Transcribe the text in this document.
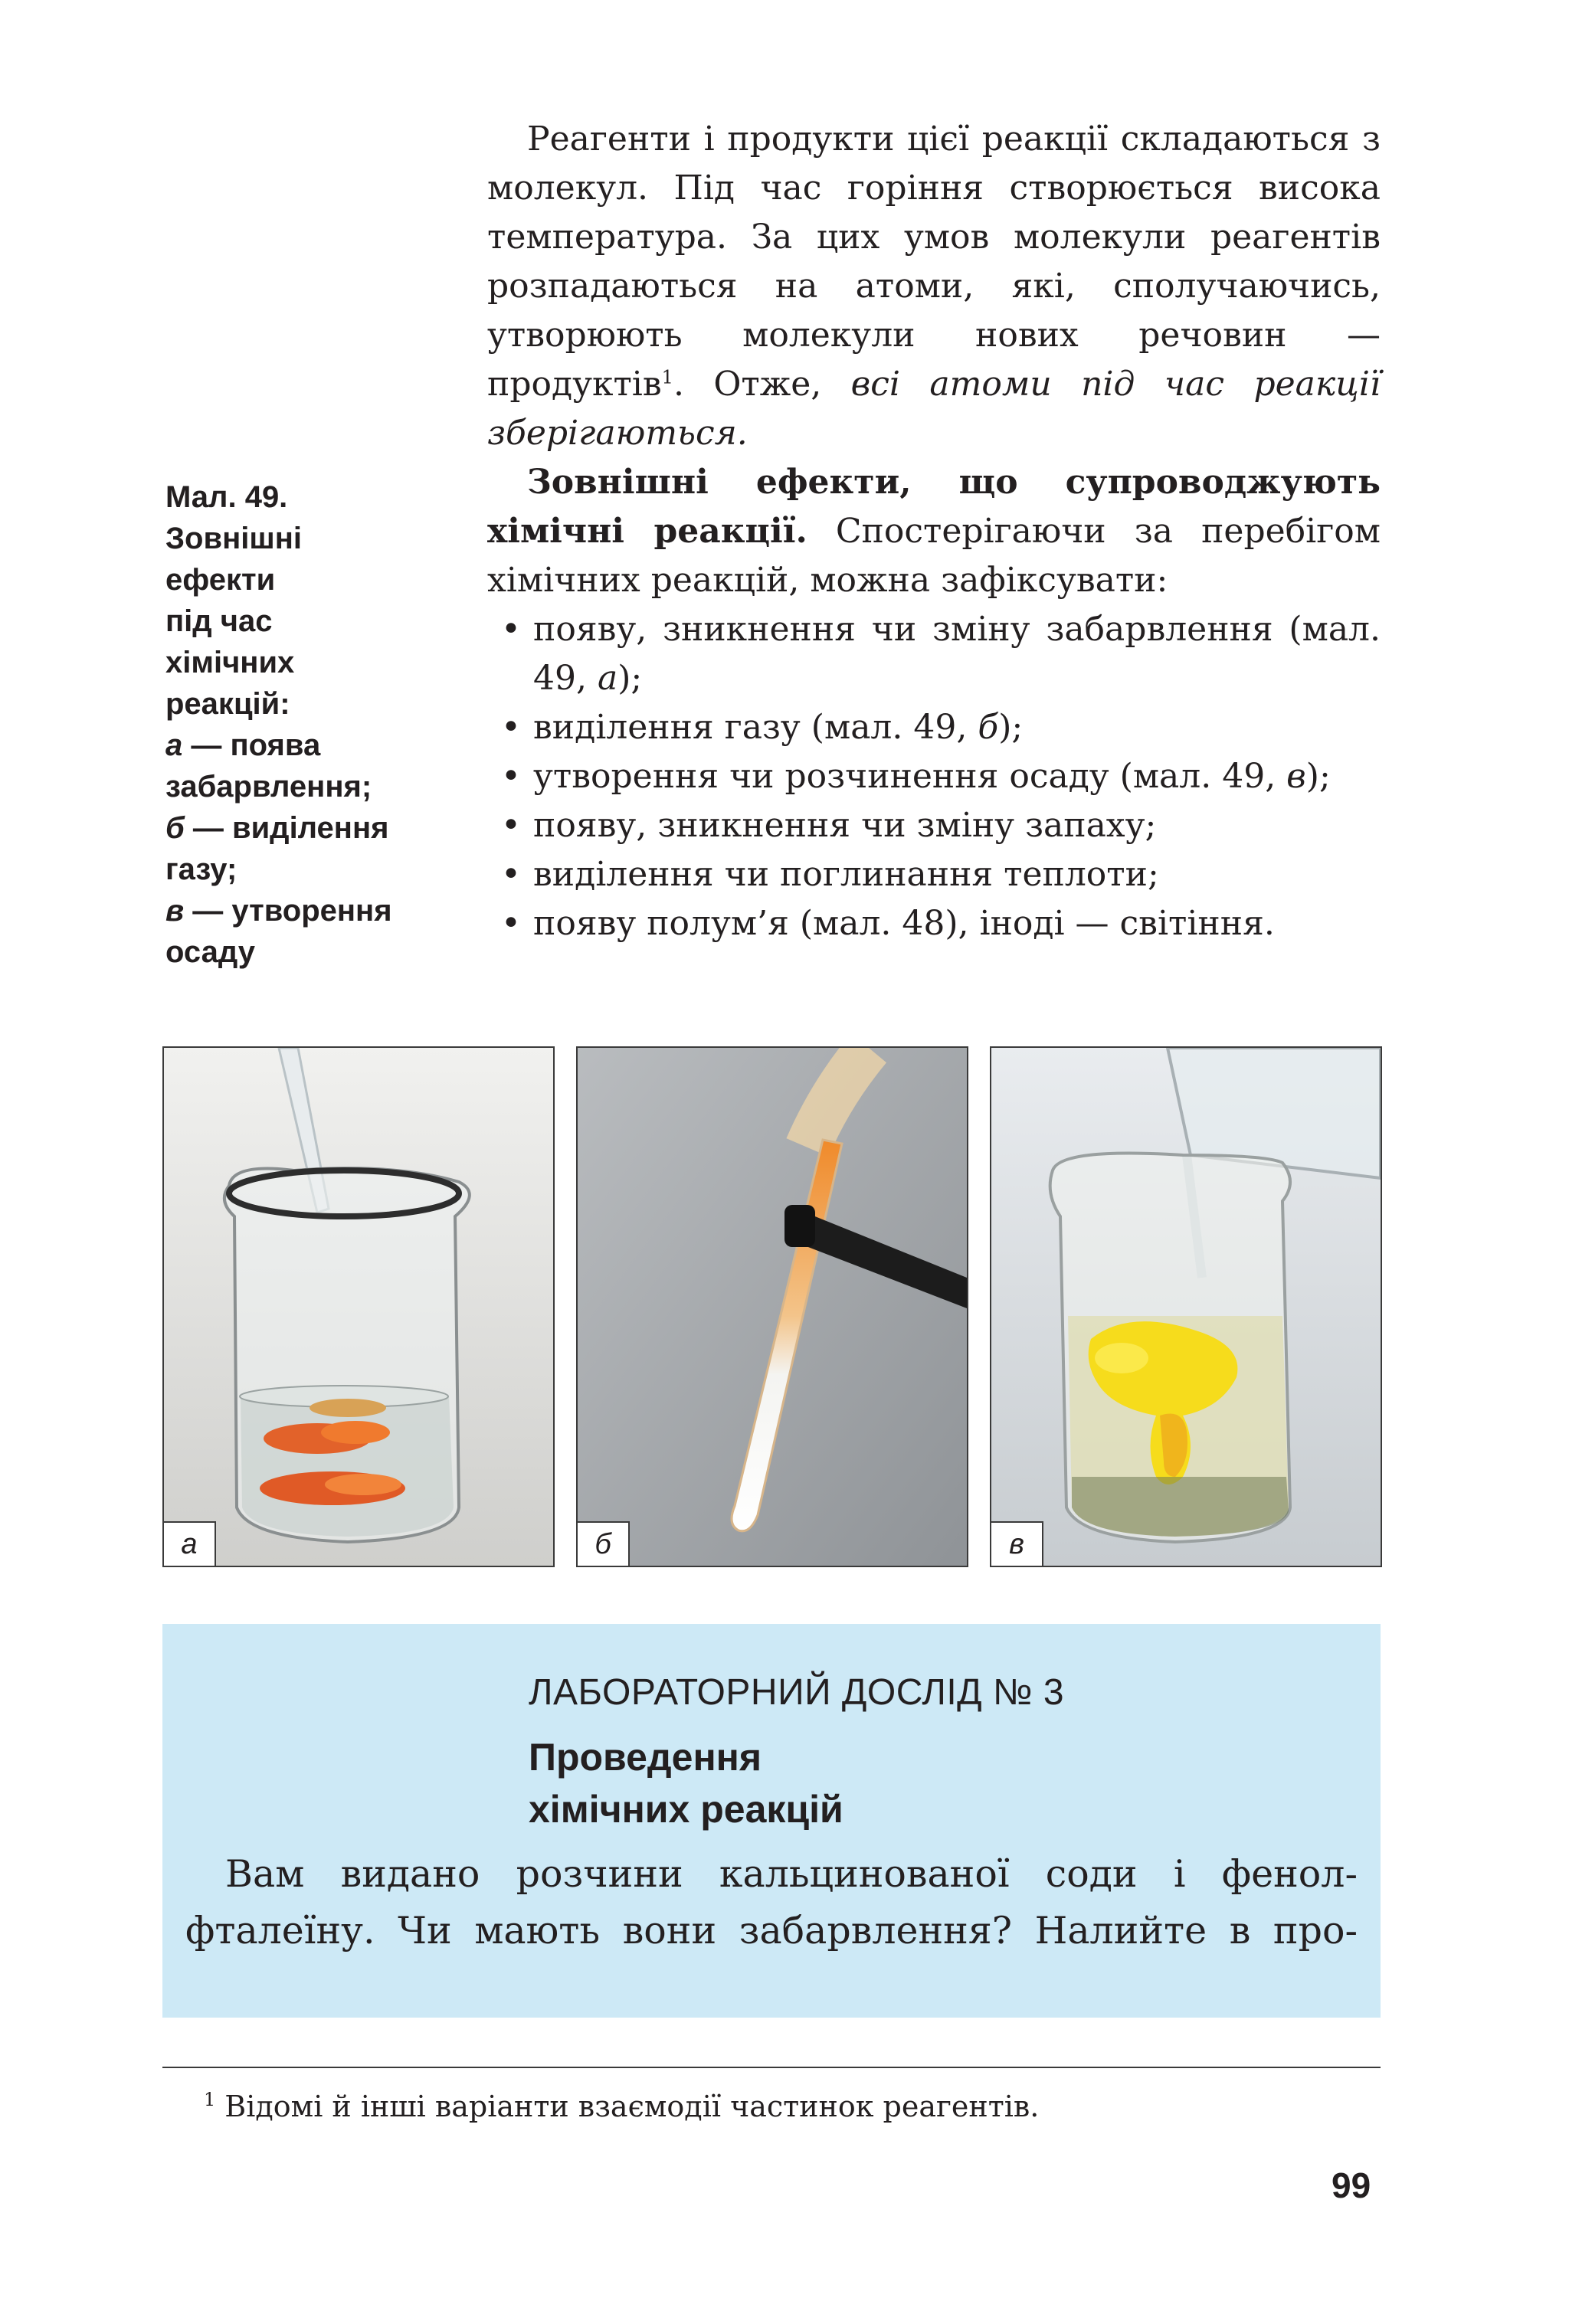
Реагенти і продукти цієї реакції складаються з молекул. Під час горіння створюється висока температура. За цих умов молекули реагентів розпадаються на атоми, які, сполучаючись, утворюють молекули нових речовин — продуктів$^1$. Отже, всі атоми під час реакції зберігаються.

Зовнішні ефекти, що супроводжують хімічні реакції. Спостерігаючи за перебігом хімічних реакцій, можна зафіксувати:

• появу, зникнення чи зміну забарвлення (мал. 49, а);
• виділення газу (мал. 49, б);
• утворення чи розчинення осаду (мал. 49, в);
• появу, зникнення чи зміну запаху;
• виділення чи поглинання теплоти;
• появу полум’я (мал. 48), іноді — світіння.
Мал. 49.
Зовнішні
ефекти
під час
хімічних
реакцій:
а — поява
забарвлення;
б — виділення
газу;
в — утворення
осаду
а	б	в
ЛАБОРАТОРНИЙ ДОСЛІД № 3
Проведення
хімічних реакцій

Вам видано розчини кальцинованої соди і фенолфталеїну. Чи мають вони забарвлення? Налийте в про-

$^1$ Відомі й інші варіанти взаємодії частинок реагентів.
99
